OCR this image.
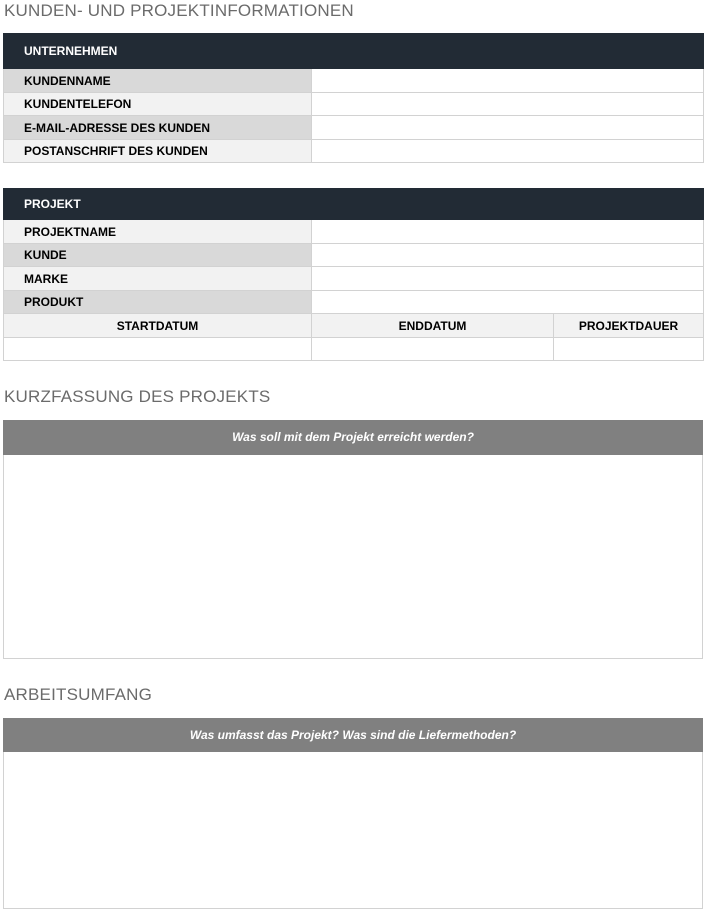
KUNDEN- UND PROJEKTINFORMATIONEN
UNTERNEHMEN	
KUNDENNAME	
KUNDENTELEFON	
E-MAIL-ADRESSE DES KUNDEN	
POSTANSCHRIFT DES KUNDEN	
PROJEKT		
PROJEKTNAME		
KUNDE		
MARKE		
PRODUKT		
STARTDATUM	ENDDATUM	PROJEKTDAUER

KURZFASSUNG DES PROJEKTS
Was soll mit dem Projekt erreicht werden?
ARBEITSUMFANG
Was umfasst das Projekt? Was sind die Liefermethoden?
